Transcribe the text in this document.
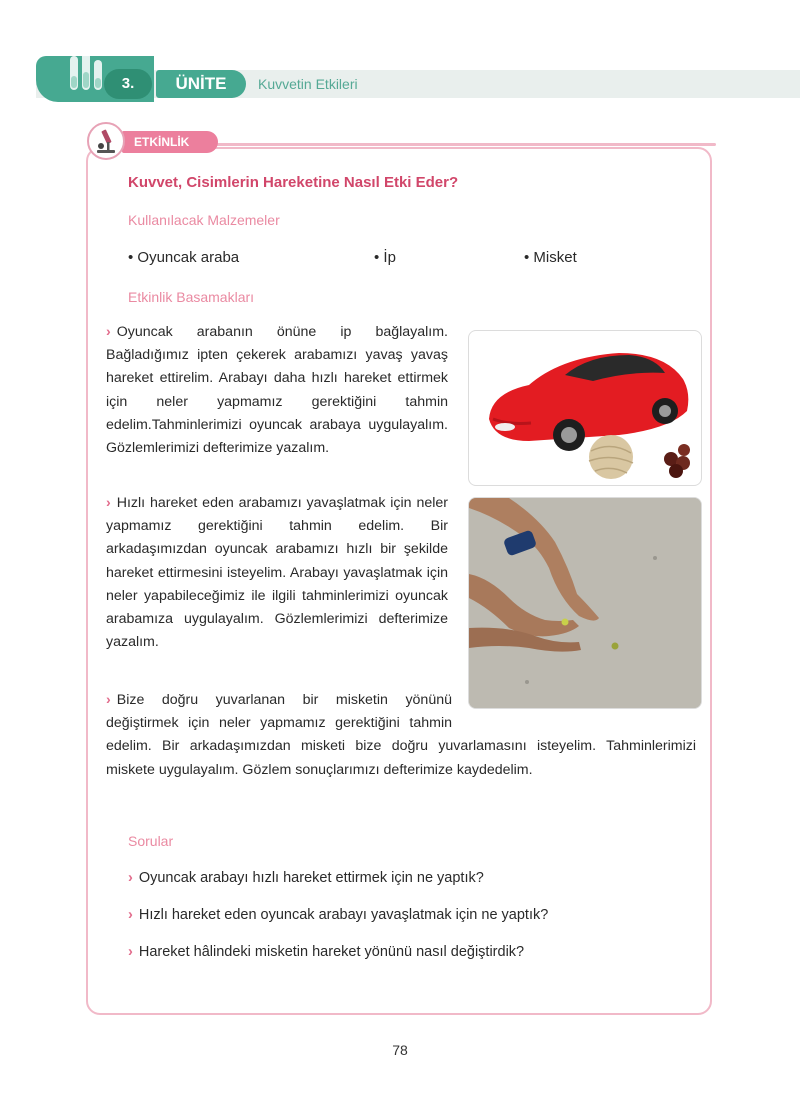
3.	ÜNİTE	Kuvvetin Etkileri
ETKİNLİK
Kuvvet, Cisimlerin Hareketine Nasıl Etki Eder?
Kullanılacak Malzemeler
• Oyuncak araba	• İp	• Misket
Etkinlik Basamakları

› Oyuncak arabanın önüne ip bağlayalım. Bağladığımız ipten çekerek arabamızı yavaş yavaş hareket ettirelim. Arabayı daha hızlı hareket ettirmek için neler yapmamız gerektiğini tahmin edelim.Tahminlerimizi oyuncak arabaya uygulayalım. Gözlemlerimizi defterimize yazalım.

› Hızlı hareket eden arabamızı yavaşlatmak için neler yapmamız gerektiğini tahmin edelim. Bir arkadaşımızdan oyuncak arabamızı hızlı bir şekilde hareket ettirmesini isteyelim. Arabayı yavaşlatmak için neler yapabileceğimiz ile ilgili tahminlerimizi oyuncak arabamıza uygulayalım. Gözlemlerimizi defterimize yazalım.

› Bize doğru yuvarlanan bir misketin yönünü değiştirmek için neler yapmamız gerektiğini tahmin edelim. Bir arkadaşımızdan misketi bize doğru yuvarlamasını isteyelim. Tahminlerimizi miskete uygulayalım. Gözlem sonuçlarımızı defterimize kaydedelim.

Sorular
› Oyuncak arabayı hızlı hareket ettirmek için ne yaptık?
› Hızlı hareket eden oyuncak arabayı yavaşlatmak için ne yaptık?
› Hareket hâlindeki misketin hareket yönünü nasıl değiştirdik?
78
